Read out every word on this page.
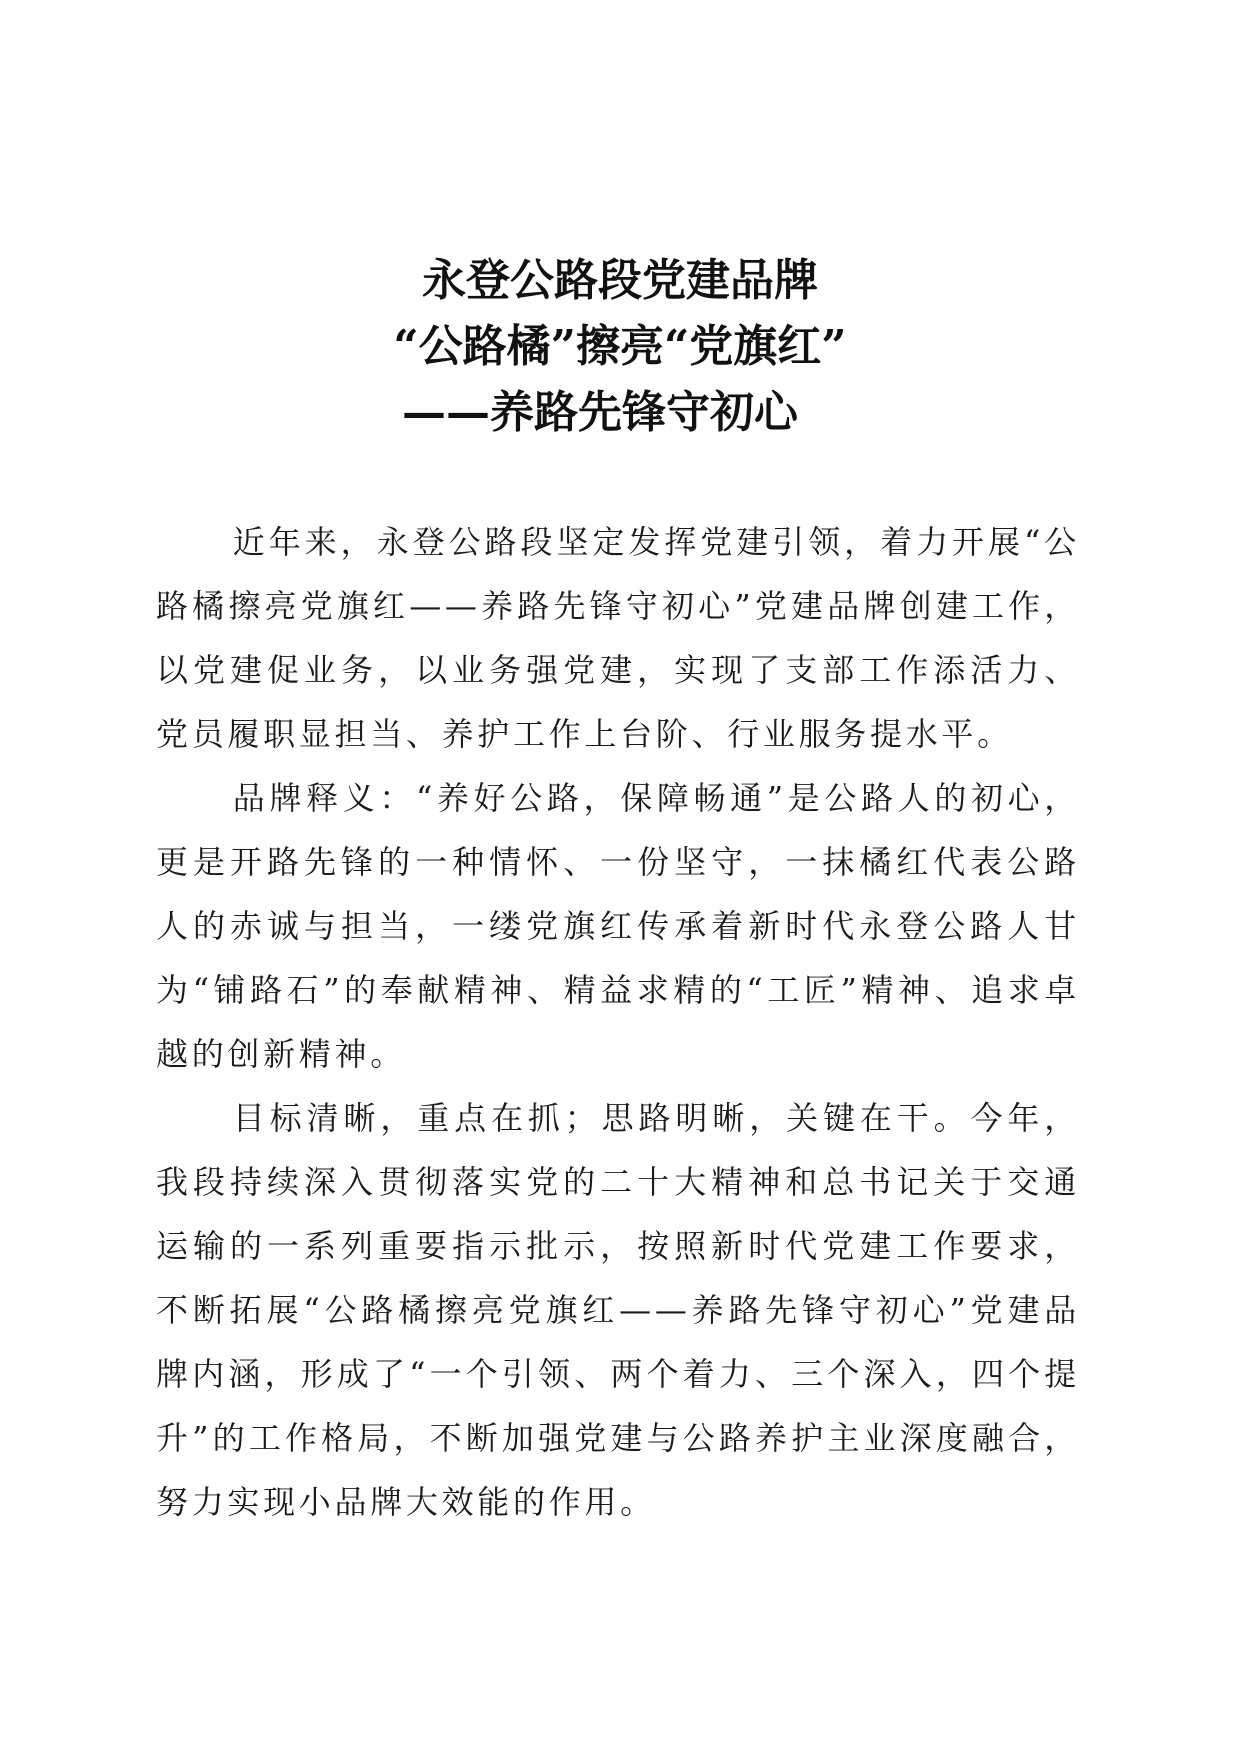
永登公路段党建品牌
“公路橘”擦亮“党旗红”
——养路先锋守初心

近年来，永登公路段坚定发挥党建引领，着力开展“公路橘擦亮党旗红——养路先锋守初心”党建品牌创建工作，以党建促业务，以业务强党建，实现了支部工作添活力、党员履职显担当、养护工作上台阶、行业服务提水平。

品牌释义：“养好公路，保障畅通”是公路人的初心，更是开路先锋的一种情怀、一份坚守，一抹橘红代表公路人的赤诚与担当，一缕党旗红传承着新时代永登公路人甘为“铺路石”的奉献精神、精益求精的“工匠”精神、追求卓越的创新精神。

目标清晰，重点在抓；思路明晰，关键在干。今年，我段持续深入贯彻落实党的二十大精神和总书记关于交通运输的一系列重要指示批示，按照新时代党建工作要求，不断拓展“公路橘擦亮党旗红——养路先锋守初心”党建品牌内涵，形成了“一个引领、两个着力、三个深入，四个提升”的工作格局，不断加强党建与公路养护主业深度融合，努力实现小品牌大效能的作用。
